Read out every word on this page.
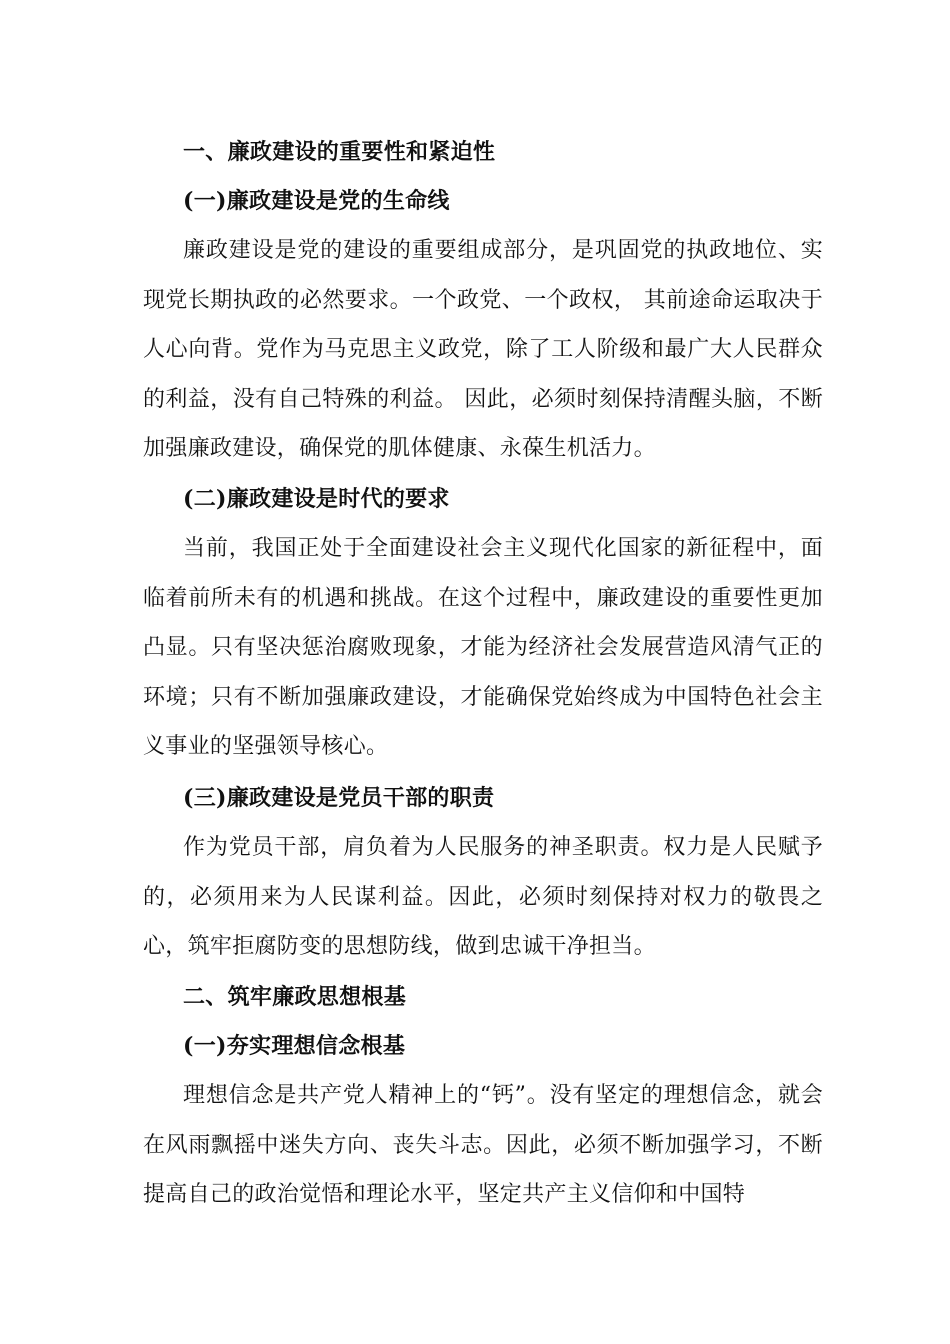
一、廉政建设的重要性和紧迫性
(一)廉政建设是党的生命线
廉政建设是党的建设的重要组成部分，是巩固党的执政地位、实现党长期执政的必然要求。一个政党、一个政权， 其前途命运取决于人心向背。党作为马克思主义政党，除了工人阶级和最广大人民群众的利益，没有自己特殊的利益。 因此，必须时刻保持清醒头脑，不断加强廉政建设，确保党的肌体健康、永葆生机活力。
(二)廉政建设是时代的要求
当前，我国正处于全面建设社会主义现代化国家的新征程中，面临着前所未有的机遇和挑战。在这个过程中，廉政建设的重要性更加凸显。只有坚决惩治腐败现象，才能为经济社会发展营造风清气正的环境；只有不断加强廉政建设，才能确保党始终成为中国特色社会主义事业的坚强领导核心。
(三)廉政建设是党员干部的职责
作为党员干部，肩负着为人民服务的神圣职责。权力是人民赋予的，必须用来为人民谋利益。因此，必须时刻保持对权力的敬畏之心，筑牢拒腐防变的思想防线，做到忠诚干净担当。
二、筑牢廉政思想根基
(一)夯实理想信念根基
理想信念是共产党人精神上的“钙”。没有坚定的理想信念，就会在风雨飘摇中迷失方向、丧失斗志。因此，必须不断加强学习，不断提高自己的政治觉悟和理论水平，坚定共产主义信仰和中国特
